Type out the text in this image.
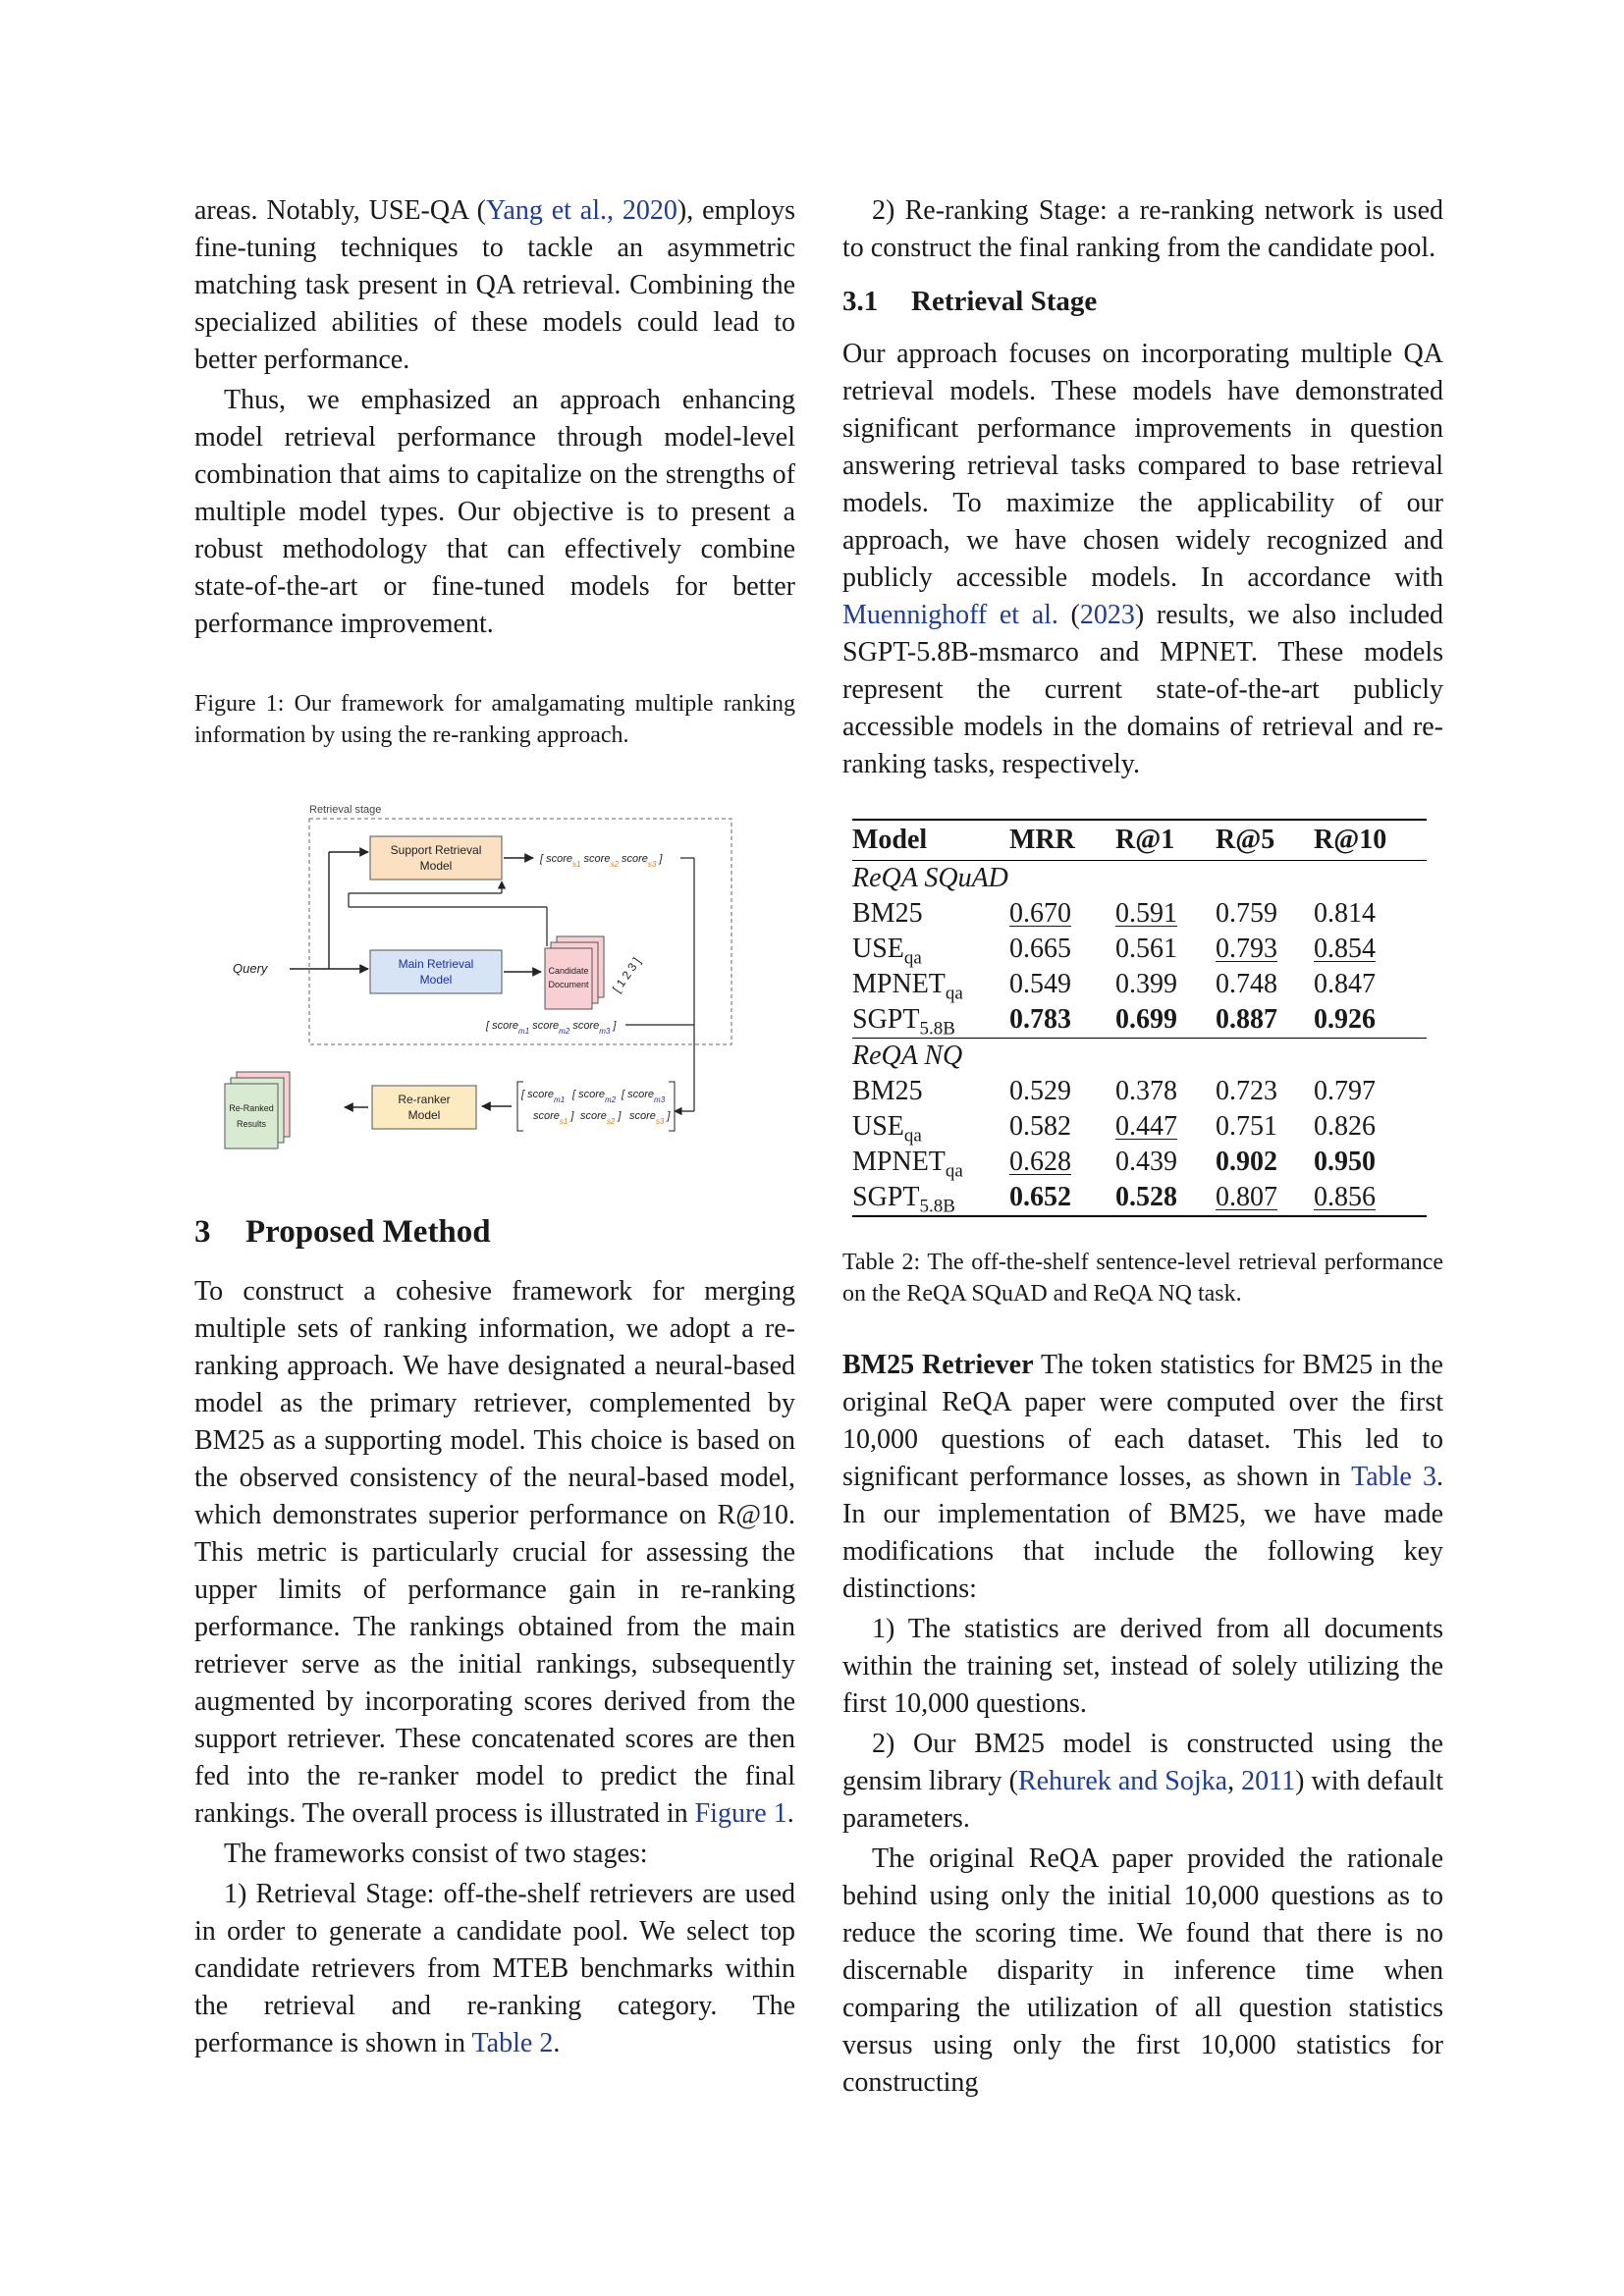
areas. Notably, USE-QA (Yang et al., 2020), employs fine-tuning techniques to tackle an asymmetric matching task present in QA retrieval. Combining the specialized abilities of these models could lead to better performance.

Thus, we emphasized an approach enhancing model retrieval performance through model-level combination that aims to capitalize on the strengths of multiple model types. Our objective is to present a robust methodology that can effectively combine state-of-the-art or fine-tuned models for better performance improvement.

Figure 1: Our framework for amalgamating multiple ranking information by using the re-ranking approach.

3 Proposed Method

To construct a cohesive framework for merging multiple sets of ranking information, we adopt a re-ranking approach. We have designated a neural-based model as the primary retriever, complemented by BM25 as a supporting model. This choice is based on the observed consistency of the neural-based model, which demonstrates superior performance on R@10. This metric is particularly crucial for assessing the upper limits of performance gain in re-ranking performance. The rankings obtained from the main retriever serve as the initial rankings, subsequently augmented by incorporating scores derived from the support retriever. These concatenated scores are then fed into the re-ranker model to predict the final rankings. The overall process is illustrated in Figure 1.

The frameworks consist of two stages:

1) Retrieval Stage: off-the-shelf retrievers are used in order to generate a candidate pool. We select top candidate retrievers from MTEB benchmarks within the retrieval and re-ranking category. The performance is shown in Table 2.

Retrieval stage
Query
Support Retrieval
Model	[ score$_{s1}$ score$_{s2}$ score$_{s3}$ ]
Main Retrieval
Model
Candidate
Document [ 1 2 3 ]
[ score$_{m1}$ score$_{m2}$ score$_{m3}$ ]
[ score$_{m1}$
score$_{s1}$ ]
[ score$_{m2}$
score$_{s2}$ ]
[ score$_{m3}$
score$_{s3}$ ]
Re-ranker
Model
Re-Ranked
Results

2) Re-ranking Stage: a re-ranking network is used to construct the final ranking from the candidate pool.

3.1 Retrieval Stage

Our approach focuses on incorporating multiple QA retrieval models. These models have demonstrated significant performance improvements in question answering retrieval tasks compared to base retrieval models. To maximize the applicability of our approach, we have chosen widely recognized and publicly accessible models. In accordance with Muennighoff et al. (2023) results, we also included SGPT-5.8B-msmarco and MPNET. These models represent the current state-of-the-art publicly accessible models in the domains of retrieval and re-ranking tasks, respectively.

Model	MRR	R@1	R@5	R@10
ReQA SQuAD				
BM25	0.670	0.591	0.759	0.814
$USE_{qa}$	0.665	0.561	0.793	0.854
$MPNET_{qa}$	0.549	0.399	0.748	0.847
$SGPT_{5.8B}$	0.783	0.699	0.887	0.926
ReQA NQ				
BM25	0.529	0.378	0.723	0.797
$USE_{qa}$	0.582	0.447	0.751	0.826
$MPNET_{qa}$	0.628	0.439	0.902	0.950
$SGPT_{5.8B}$	0.652	0.528	0.807	0.856

Table 2: The off-the-shelf sentence-level retrieval performance on the ReQA SQuAD and ReQA NQ task.

BM25 Retriever The token statistics for BM25 in the original ReQA paper were computed over the first 10,000 questions of each dataset. This led to significant performance losses, as shown in Table 3. In our implementation of BM25, we have made modifications that include the following key distinctions:

1) The statistics are derived from all documents within the training set, instead of solely utilizing the first 10,000 questions.

2) Our BM25 model is constructed using the gensim library (Rehurek and Sojka, 2011) with default parameters.

The original ReQA paper provided the rationale behind using only the initial 10,000 questions as to reduce the scoring time. We found that there is no discernable disparity in inference time when comparing the utilization of all question statistics versus using only the first 10,000 statistics for constructing
